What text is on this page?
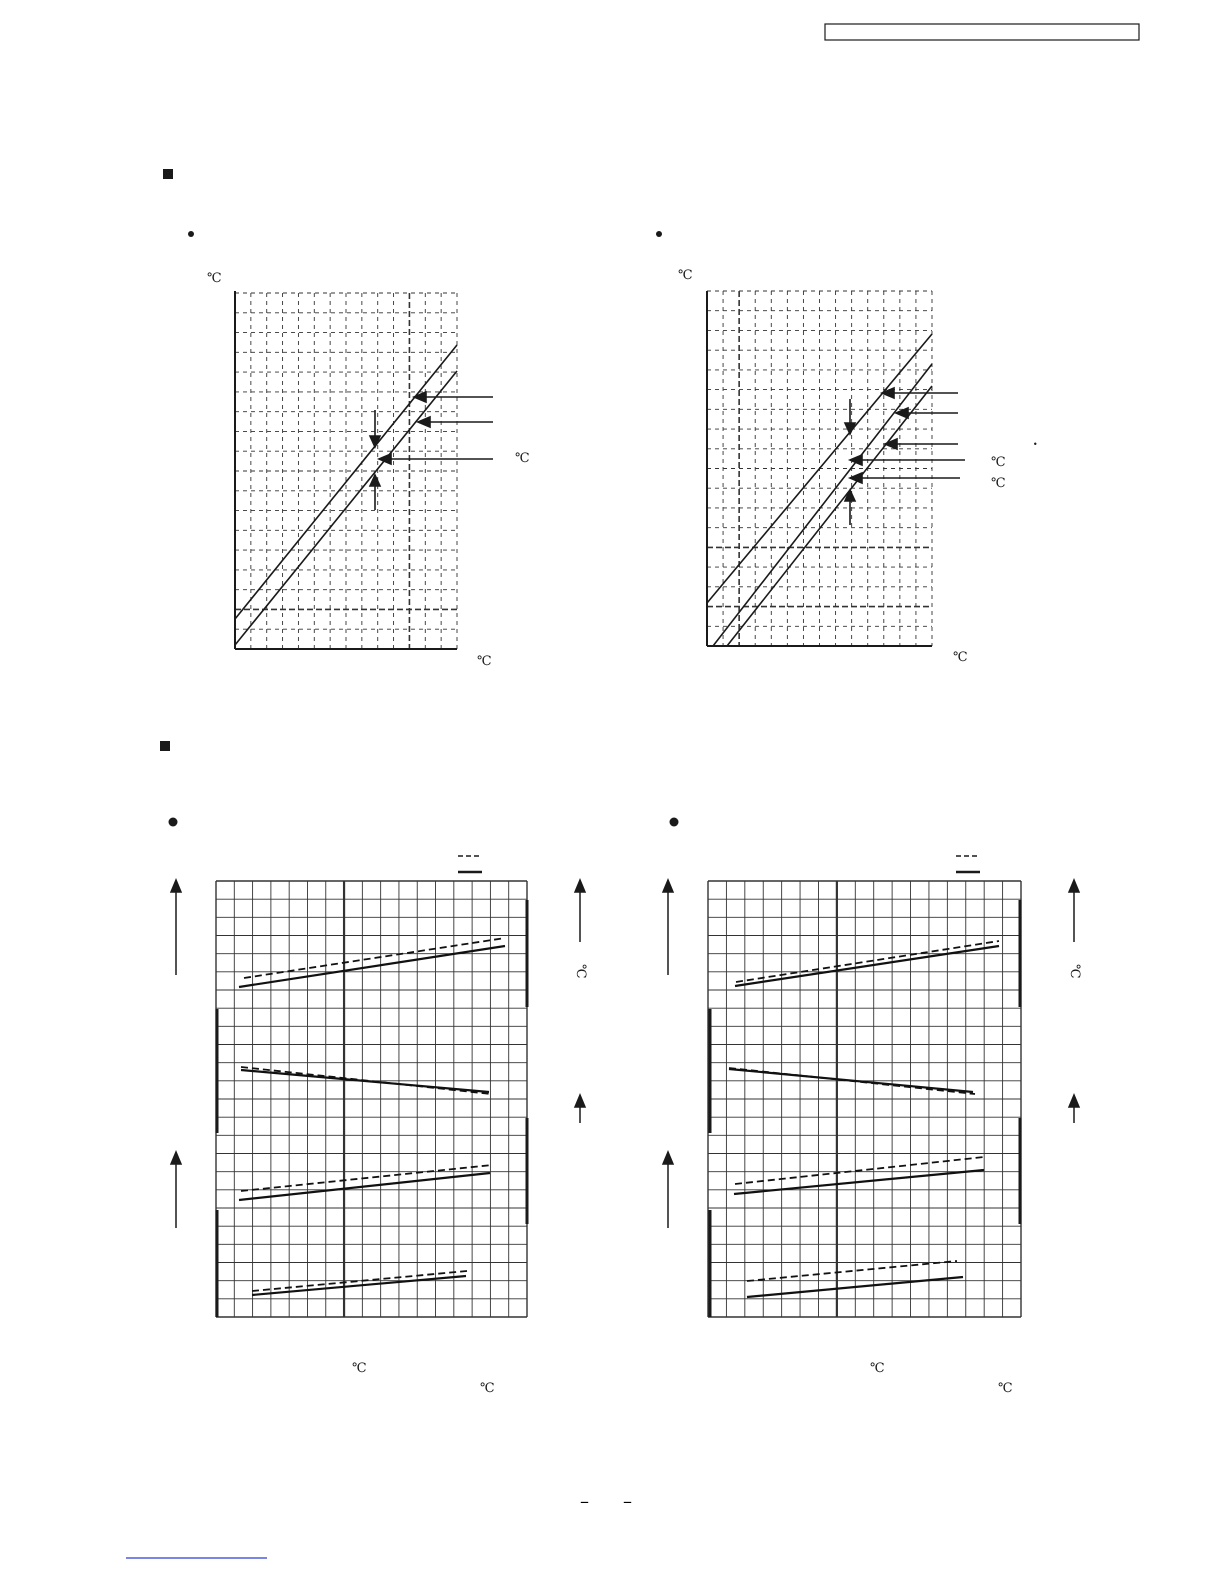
℃
℃
℃
.
℃
℃
℃
℃
℃
℃
℃
℃
℃
℃
– –
